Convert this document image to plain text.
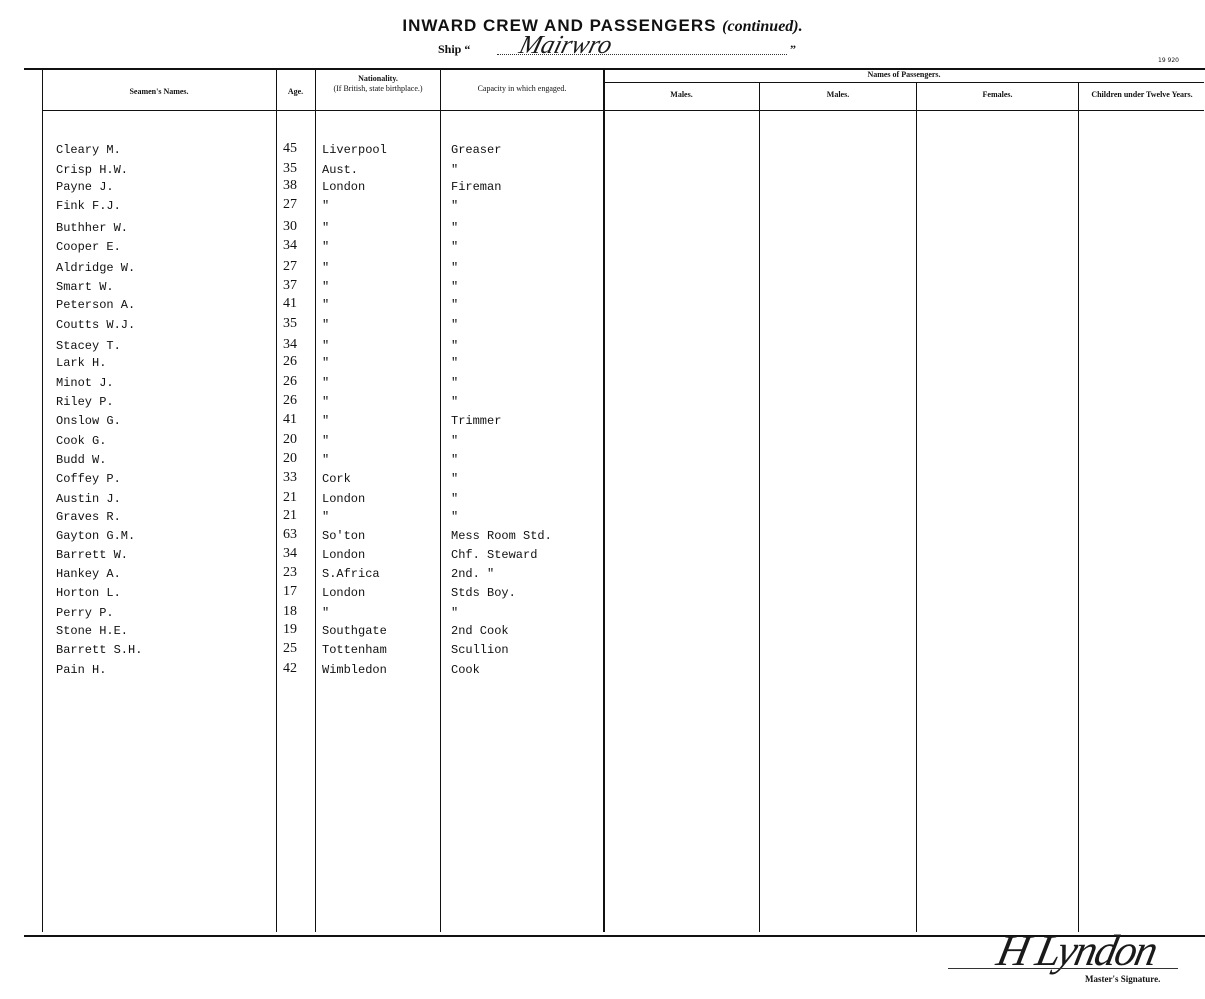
INWARD CREW AND PASSENGERS (continued).
Ship “ Mairwro	”
19 920
Seamen's Names.	Age.
Nationality.
(If British, state birthplace.)	Capacity in which engaged.
Names of Passengers.
Males.	Males.	Females.	Children under Twelve Years.
Cleary M.	45 Liverpool	Greaser
Crisp H.W.	35 Aust.	"
Payne J.	38 London	Fireman
Fink F.J.	27 "	"
Buthher W.	30 "	"
Cooper E.	34 "	"
Aldridge W.	27 "	"
Smart W.	37 "	"
Peterson A.	41 "	"
Coutts W.J.	35 "	"
Stacey T.	34 "	"
Lark H.	26 "	"
Minot J.	26 "	"
Riley P.	26 "	"
Onslow G.	41 "	Trimmer
Cook G.	20 "	"
Budd W.	20 "	"
Coffey P.	33 Cork	"
Austin J.	21 London	"
Graves R.	21 "	"
Gayton G.M.	63 So'ton	Mess Room Std.
Barrett W.	34 London	Chf. Steward
Hankey A.	23 S.Africa	2nd. "
Horton L.	17 London	Stds Boy.
Perry P.	18 "	"
Stone H.E.	19 Southgate	2nd Cook
Barrett S.H.	25 Tottenham	Scullion
Pain H.	42 Wimbledon	Cook
H Lyndon
Master's Signature.
